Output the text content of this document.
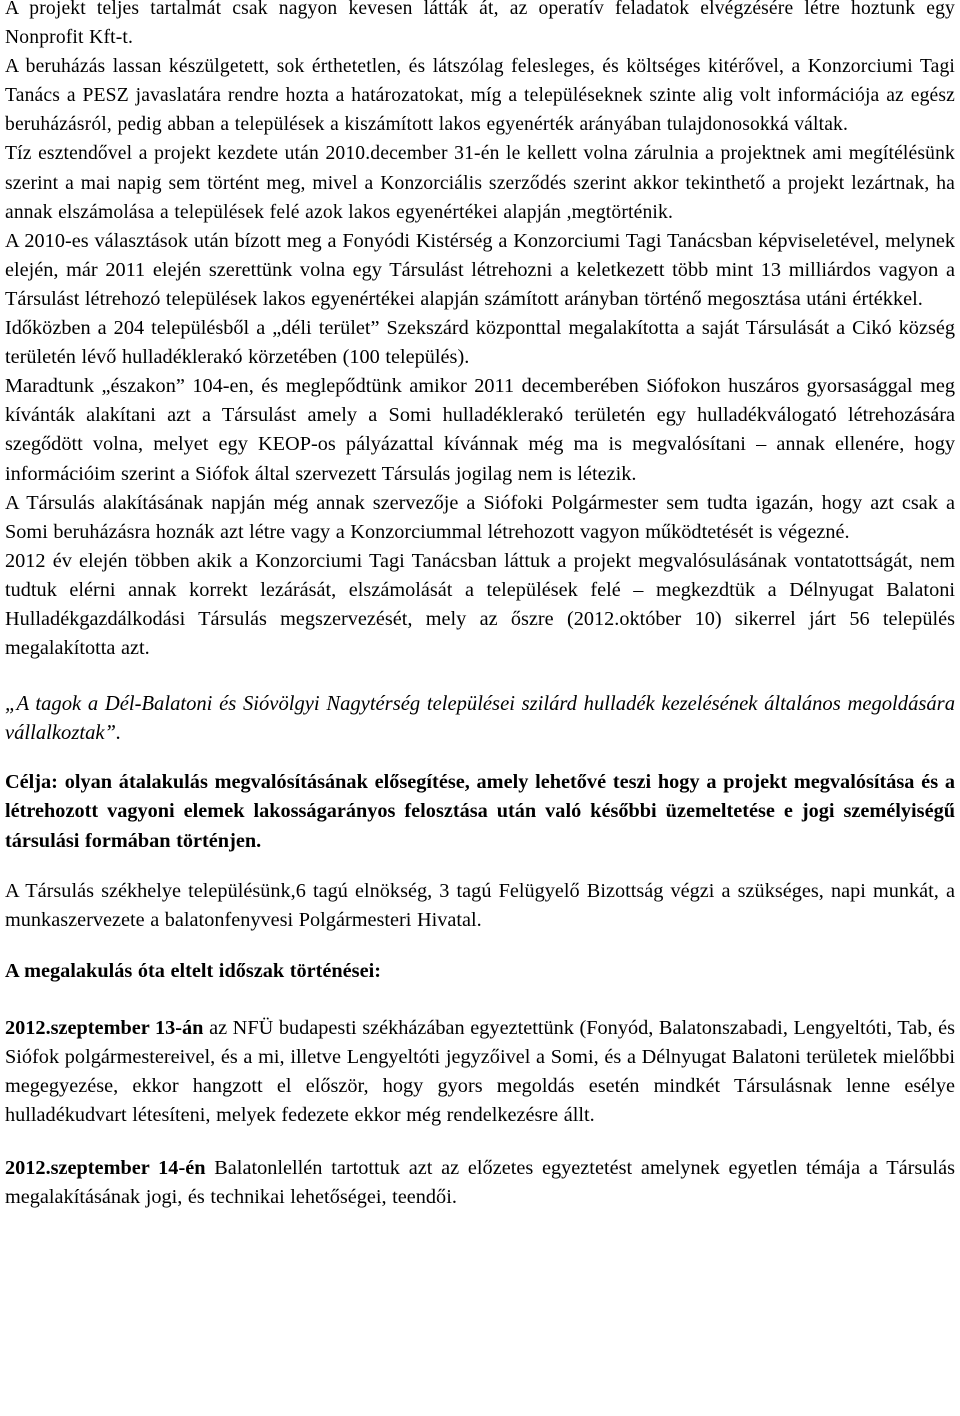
A projekt teljes tartalmát csak nagyon kevesen látták át, az operatív feladatok elvégzésére létre hoztunk egy Nonprofit Kft-t.

A beruházás lassan készülgetett, sok érthetetlen, és látszólag felesleges, és költséges kitérővel, a Konzorciumi Tagi Tanács a PESZ javaslatára rendre hozta a határozatokat, míg a településeknek szinte alig volt információja az egész beruházásról, pedig abban a települések a kiszámított lakos egyenérték arányában tulajdonosokká váltak.

Tíz esztendővel a projekt kezdete után 2010.december 31-én le kellett volna zárulnia a projektnek ami megítélésünk szerint a mai napig sem történt meg, mivel a Konzorciális szerződés szerint akkor tekinthető a projekt lezártnak, ha annak elszámolása a települések felé azok lakos egyenértékei alapján ,megtörténik.

A 2010-es választások után bízott meg a Fonyódi Kistérség a Konzorciumi Tagi Tanácsban képviseletével, melynek elején, már 2011 elején szerettünk volna egy Társulást létrehozni a keletkezett több mint 13 milliárdos vagyon a Társulást létrehozó települések lakos egyenértékei alapján számított arányban történő megosztása utáni értékkel.

Időközben a 204 településből a „déli terület” Szekszárd központtal megalakította a saját Társulását a Cikó község területén lévő hulladéklerakó körzetében (100 település).

Maradtunk „északon” 104-en, és meglepődtünk amikor 2011 decemberében Siófokon huszáros gyorsasággal meg kívánták alakítani azt a Társulást amely a Somi hulladéklerakó területén egy hulladékválogató létrehozására szegődött volna, melyet egy KEOP-os pályázattal kívánnak még ma is megvalósítani – annak ellenére, hogy információim szerint a Siófok által szervezett Társulás jogilag nem is létezik.

A Társulás alakításának napján még annak szervezője a Siófoki Polgármester sem tudta igazán, hogy azt csak a Somi beruházásra hoznák azt létre vagy a Konzorciummal létrehozott vagyon működtetését is végezné.

2012 év elején többen akik a Konzorciumi Tagi Tanácsban láttuk a projekt megvalósulásának vontatottságát, nem tudtuk elérni annak korrekt lezárását, elszámolását a települések felé – megkezdtük a Délnyugat Balatoni Hulladékgazdálkodási Társulás megszervezését, mely az őszre (2012.október 10) sikerrel járt 56 település megalakította azt.

„A tagok a Dél-Balatoni és Sióvölgyi Nagytérség települései szilárd hulladék kezelésének általános megoldására vállalkoztak”.

Célja: olyan átalakulás megvalósításának elősegítése, amely lehetővé teszi hogy a projekt megvalósítása és a létrehozott vagyoni elemek lakosságarányos felosztása után való későbbi üzemeltetése e jogi személyiségű társulási formában történjen.

A Társulás székhelye településünk,6 tagú elnökség, 3 tagú Felügyelő Bizottság végzi a szükséges, napi munkát, a munkaszervezete a balatonfenyvesi Polgármesteri Hivatal.

A megalakulás óta eltelt időszak történései:

2012.szeptember 13-án az NFÜ budapesti székházában egyeztettünk (Fonyód, Balatonszabadi, Lengyeltóti, Tab, és Siófok polgármestereivel, és a mi, illetve Lengyeltóti jegyzőivel a Somi, és a Délnyugat Balatoni területek mielőbbi megegyezése, ekkor hangzott el először, hogy gyors megoldás esetén mindkét Társulásnak lenne esélye hulladékudvart létesíteni, melyek fedezete ekkor még rendelkezésre állt.

2012.szeptember 14-én Balatonlellén tartottuk azt az előzetes egyeztetést amelynek egyetlen témája a Társulás megalakításának jogi, és technikai lehetőségei, teendői.
